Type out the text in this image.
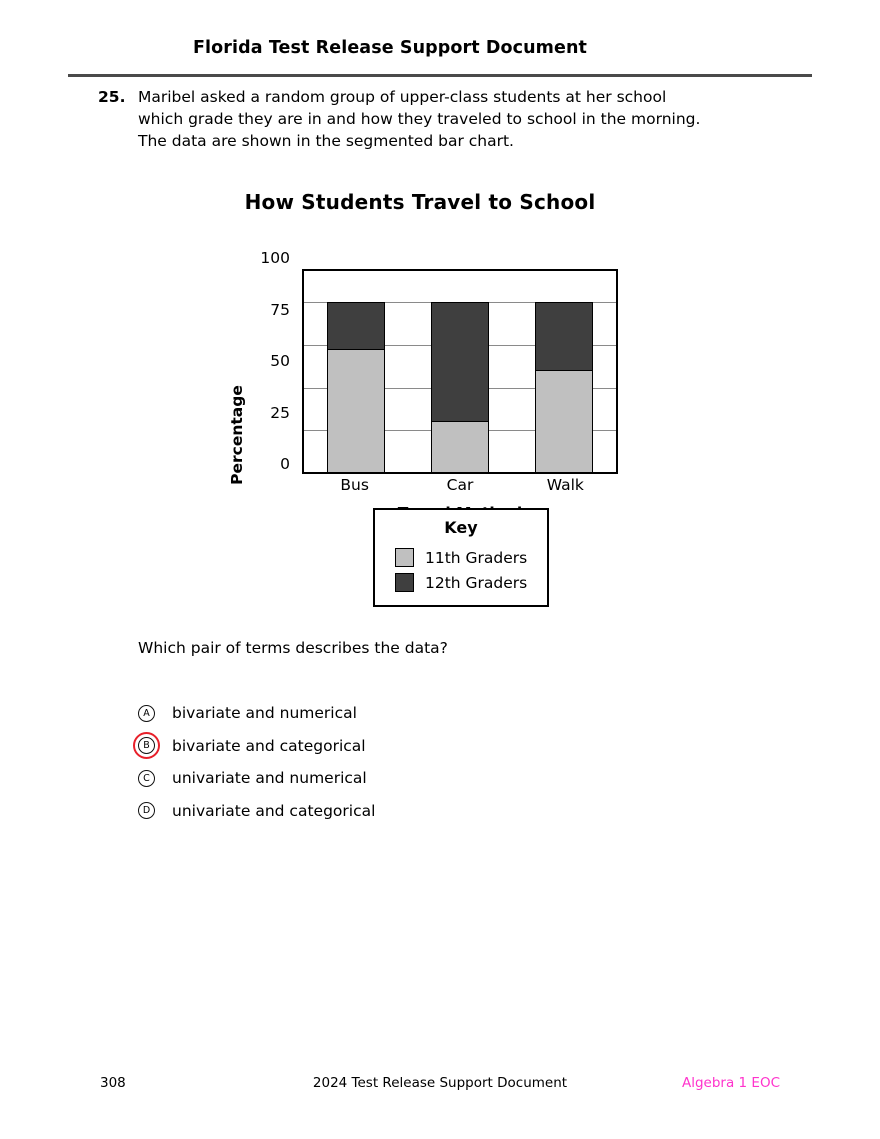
Florida Test Release Support Document
25. Maribel asked a random group of upper-class students at her school
which grade they are in and how they traveled to school in the morning.
The data are shown in the segmented bar chart.
How Students Travel to School
Percentage
100
75
50
25
0
Bus	Car	Walk
Key
11th Graders
12th Graders
Which pair of terms describes the data?
A	bivariate and numerical
B	bivariate and categorical
C	univariate and numerical
D	univariate and categorical
308	2024 Test Release Support Document	Algebra 1 EOC
